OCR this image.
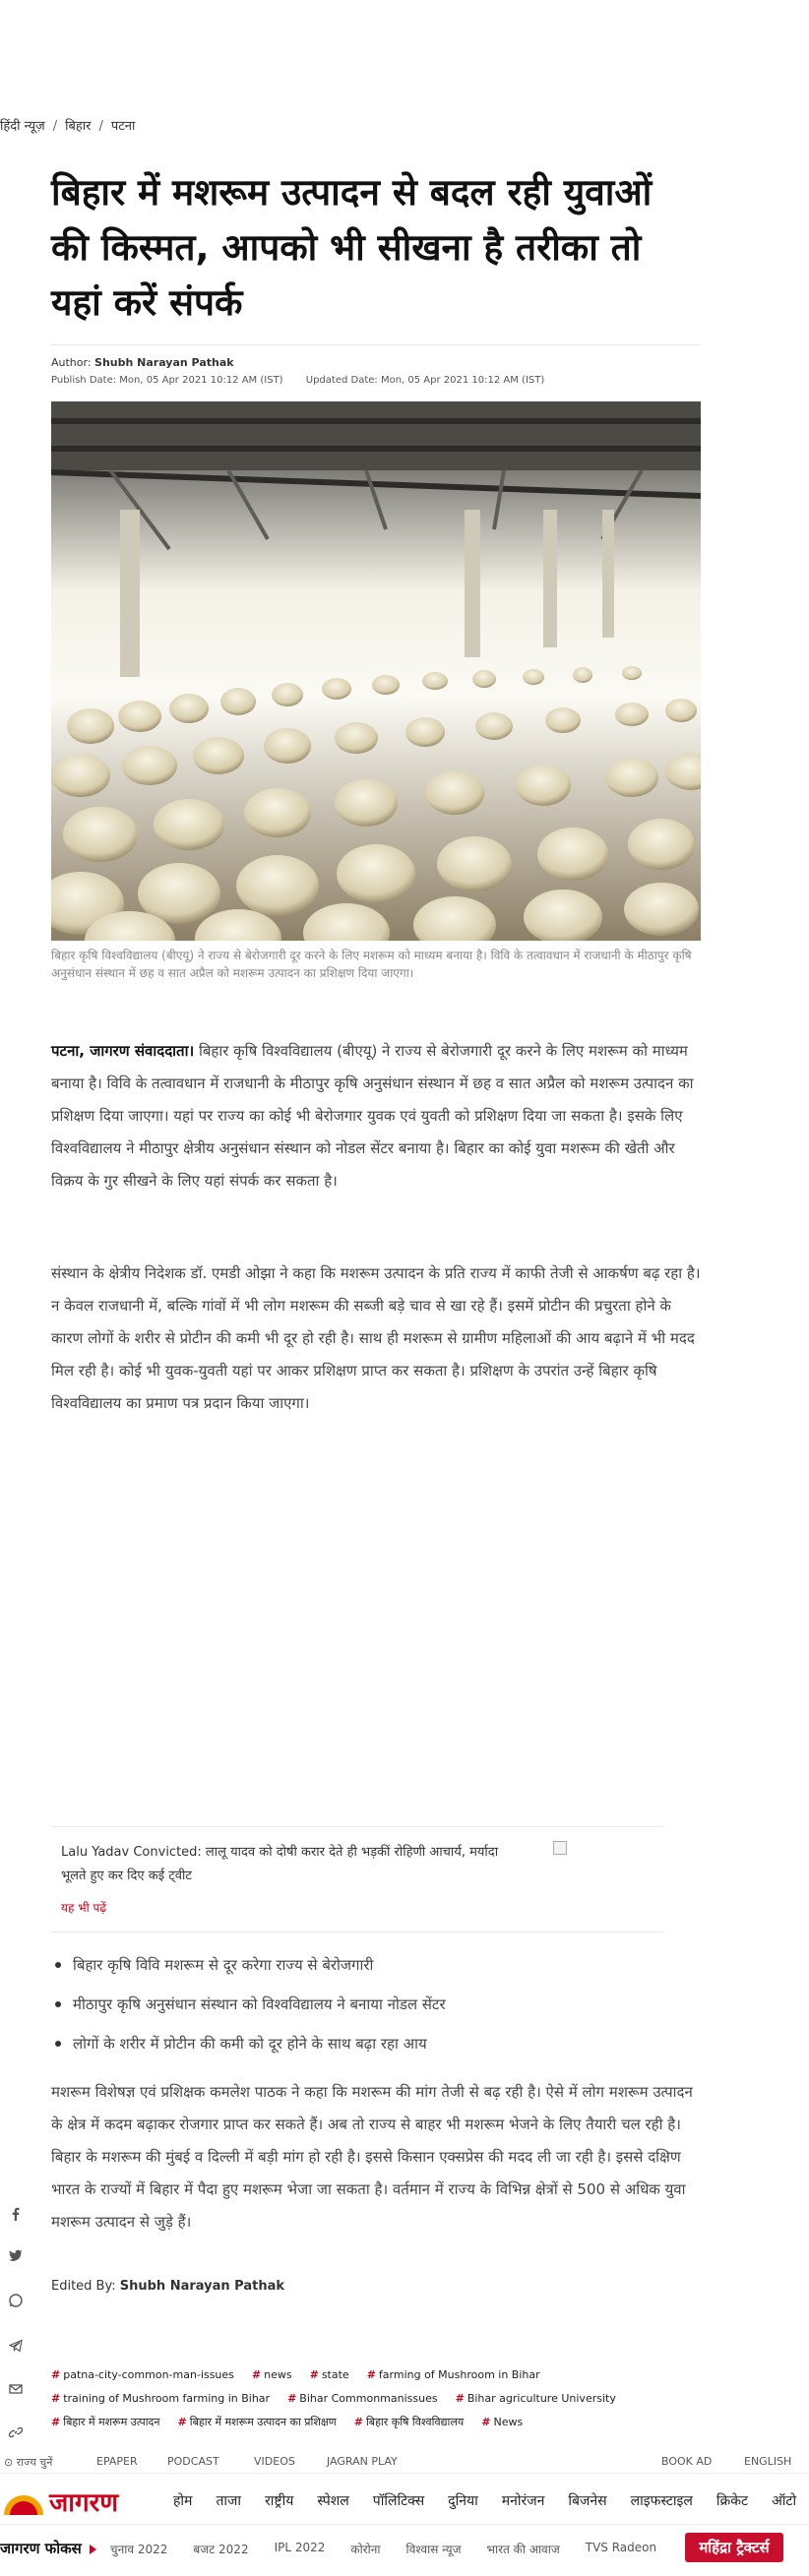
हिंदी न्यूज़ / बिहार / पटना
बिहार में मशरूम उत्पादन से बदल रही युवाओं की किस्मत, आपको भी सीखना है तरीका तो यहां करें संपर्क
Author: Shubh Narayan Pathak
Publish Date: Mon, 05 Apr 2021 10:12 AM (IST) Updated Date: Mon, 05 Apr 2021 10:12 AM (IST)
बिहार कृषि विश्वविद्यालय (बीएयू) ने राज्य से बेरोजगारी दूर करने के लिए मशरूम को माध्यम बनाया है। विवि के तत्वावधान में राजधानी के मीठापुर कृषि अनुसंधान संस्थान में छह व सात अप्रैल को मशरूम उत्पादन का प्रशिक्षण दिया जाएगा।

पटना, जागरण संवाददाता। बिहार कृषि विश्वविद्यालय (बीएयू) ने राज्य से बेरोजगारी दूर करने के लिए मशरूम को माध्यम बनाया है। विवि के तत्वावधान में राजधानी के मीठापुर कृषि अनुसंधान संस्थान में छह व सात अप्रैल को मशरूम उत्पादन का प्रशिक्षण दिया जाएगा। यहां पर राज्य का कोई भी बेरोजगार युवक एवं युवती को प्रशिक्षण दिया जा सकता है। इसके लिए विश्वविद्यालय ने मीठापुर क्षेत्रीय अनुसंधान संस्थान को नोडल सेंटर बनाया है। बिहार का कोई युवा मशरूम की खेती और विक्रय के गुर सीखने के लिए यहां संपर्क कर सकता है।

संस्थान के क्षेत्रीय निदेशक डॉ. एमडी ओझा ने कहा कि मशरूम उत्पादन के प्रति राज्य में काफी तेजी से आकर्षण बढ़ रहा है। न केवल राजधानी में, बल्कि गांवों में भी लोग मशरूम की सब्जी बड़े चाव से खा रहे हैं। इसमें प्रोटीन की प्रचुरता होने के कारण लोगों के शरीर से प्रोटीन की कमी भी दूर हो रही है। साथ ही मशरूम से ग्रामीण महिलाओं की आय बढ़ाने में भी मदद मिल रही है। कोई भी युवक-युवती यहां पर आकर प्रशिक्षण प्राप्त कर सकता है। प्रशिक्षण के उपरांत उन्हें बिहार कृषि विश्वविद्यालय का प्रमाण पत्र प्रदान किया जाएगा।

Lalu Yadav Convicted: लालू यादव को दोषी करार देते ही भड़कीं रोहिणी आचार्य, मर्यादा भूलते हुए कर दिए कई ट्वीट
यह भी पढ़ें
बिहार कृषि विवि मशरूम से दूर करेगा राज्य से बेरोजगारी
मीठापुर कृषि अनुसंधान संस्थान को विश्वविद्यालय ने बनाया नोडल सेंटर
लोगों के शरीर में प्रोटीन की कमी को दूर होने के साथ बढ़ा रहा आय

मशरूम विशेषज्ञ एवं प्रशिक्षक कमलेश पाठक ने कहा कि मशरूम की मांग तेजी से बढ़ रही है। ऐसे में लोग मशरूम उत्पादन के क्षेत्र में कदम बढ़ाकर रोजगार प्राप्त कर सकते हैं। अब तो राज्य से बाहर भी मशरूम भेजने के लिए तैयारी चल रही है। बिहार के मशरूम की मुंबई व दिल्ली में बड़ी मांग हो रही है। इससे किसान एक्सप्रेस की मदद ली जा रही है। इससे दक्षिण भारत के राज्यों में बिहार में पैदा हुए मशरूम भेजा जा सकता है। वर्तमान में राज्य के विभिन्न क्षेत्रों से 500 से अधिक युवा मशरूम उत्पादन से जुड़े हैं।

Edited By: Shubh Narayan Pathak
# patna-city-common-man-issues # news # state # farming of Mushroom in Bihar
# training of Mushroom farming in Bihar # Bihar Commonmanissues # Bihar agriculture University
# बिहार में मशरूम उत्पादन # बिहार में मशरूम उत्पादन का प्रशिक्षण # बिहार कृषि विश्वविद्यालय # News
⊙ राज्य चुनें	EPAPER	PODCAST	VIDEOS	JAGRAN PLAY	BOOK AD	ENGLISH
जागरण	होम ताजा राष्ट्रीय स्पेशल पॉलिटिक्स दुनिया मनोरंजन बिजनेस लाइफस्टाइल क्रिकेट ऑटो
जागरण फोकस	चुनाव 2022 बजट 2022 IPL 2022 कोरोना विश्वास न्यूज भारत की आवाज TVS Radeon	महिंद्रा ट्रैक्टर्स
